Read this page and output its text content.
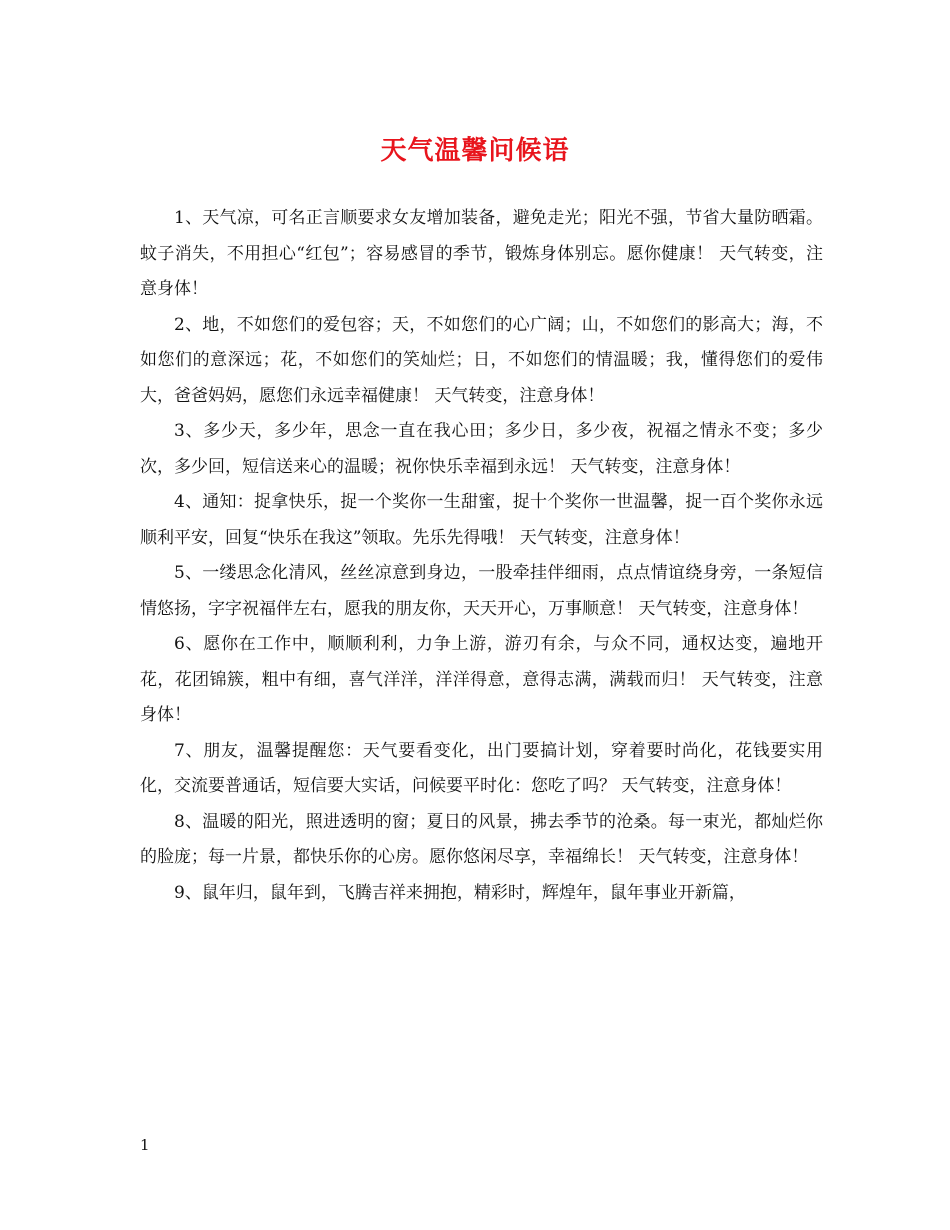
天气温馨问候语

1、天气凉，可名正言顺要求女友增加装备，避免走光；阳光不强，节省大量防晒霜。蚊子消失，不用担心“红包”；容易感冒的季节，锻炼身体别忘。愿你健康！ 天气转变，注意身体！

2、地，不如您们的爱包容；天，不如您们的心广阔；山，不如您们的影高大；海，不如您们的意深远；花，不如您们的笑灿烂；日，不如您们的情温暖；我，懂得您们的爱伟大，爸爸妈妈，愿您们永远幸福健康！ 天气转变，注意身体！

3、多少天，多少年，思念一直在我心田；多少日，多少夜，祝福之情永不变；多少次，多少回，短信送来心的温暖；祝你快乐幸福到永远！ 天气转变，注意身体！

4、通知：捉拿快乐，捉一个奖你一生甜蜜，捉十个奖你一世温馨，捉一百个奖你永远顺利平安，回复“快乐在我这”领取。先乐先得哦！ 天气转变，注意身体！

5、一缕思念化清风，丝丝凉意到身边，一股牵挂伴细雨，点点情谊绕身旁，一条短信情悠扬，字字祝福伴左右，愿我的朋友你，天天开心，万事顺意！ 天气转变，注意身体！

6、愿你在工作中，顺顺利利，力争上游，游刃有余，与众不同，通权达变，遍地开花，花团锦簇，粗中有细，喜气洋洋，洋洋得意，意得志满，满载而归！ 天气转变，注意身体！

7、朋友，温馨提醒您：天气要看变化，出门要搞计划，穿着要时尚化，花钱要实用化，交流要普通话，短信要大实话，问候要平时化：您吃了吗？ 天气转变，注意身体！

8、温暖的阳光，照进透明的窗；夏日的风景，拂去季节的沧桑。每一束光，都灿烂你的脸庞；每一片景，都快乐你的心房。愿你悠闲尽享，幸福绵长！ 天气转变，注意身体！

9、鼠年归，鼠年到，飞腾吉祥来拥抱，精彩时，辉煌年，鼠年事业开新篇，

1
